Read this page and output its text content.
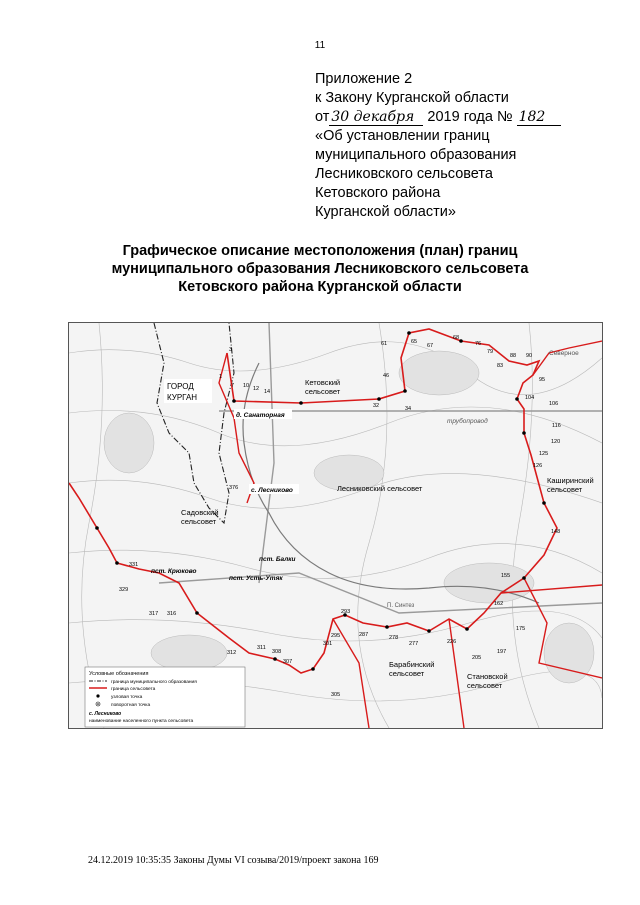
11
Приложение 2
к Закону Курганской области
от 30 декабря 2019 года № 182
«Об установлении границ
муниципального образования
Лесниковского сельсовета
Кетовского района
Курганской области»
Графическое описание местоположения (план) границ
муниципального образования Лесниковского сельсовета
Кетовского района Курганской области
1
3
7 10 12 14
32	34
46
61	65
67
68
76
79
83
88 90
95
104
106
116
120
125
126
148
155
162
175
197
205
226
277
278
287
293
295
301
305
307
308
311
312
316
317
329
331
376
ГОРОД
КУРГАН
Кетовский
сельсовет
д. Санаторная
с. Лесниково	Лесниковский сельсовет
Садовский
сельсовет
пст. Балки
пст. Крюково
пст. Усть-Утяк
Каширинский
сельсовет
Барабинский
сельсовет	Становской
сельсовет
Северное
трубопровод
П. Синтез
Условные обозначения
граница муниципального образования
граница сельсовета
узловая точка
поворотная точка
с. Лесниково
наименование населенного пункта сельсовета
24.12.2019 10:35:35 Законы Думы VI созыва/2019/проект закона 169
